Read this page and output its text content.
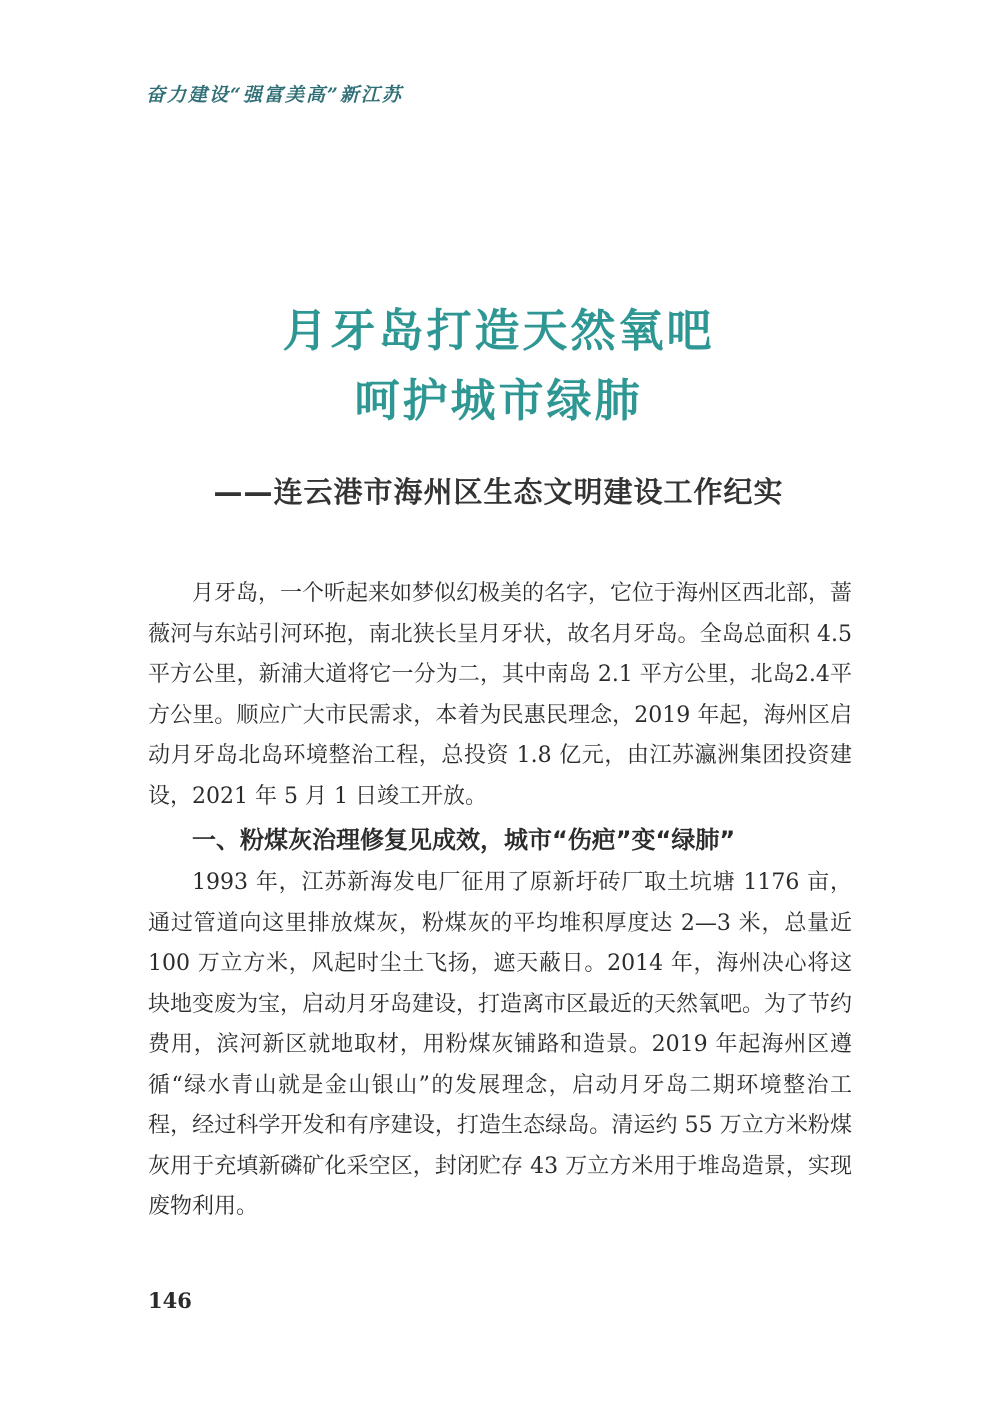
奋力建设“强富美高”新江苏
月牙岛打造天然氧吧
呵护城市绿肺
——连云港市海州区生态文明建设工作纪实

月牙岛，一个听起来如梦似幻极美的名字，它位于海州区西北部，蔷薇河与东站引河环抱，南北狭长呈月牙状，故名月牙岛。全岛总面积 4.5 平方公里，新浦大道将它一分为二，其中南岛 2.1 平方公里，北岛2.4平方公里。顺应广大市民需求，本着为民惠民理念，2019 年起，海州区启动月牙岛北岛环境整治工程，总投资 1.8 亿元，由江苏瀛洲集团投资建设，2021 年 5 月 1 日竣工开放。

一、粉煤灰治理修复见成效，城市“伤疤”变“绿肺”

1993 年，江苏新海发电厂征用了原新圩砖厂取土坑塘 1176 亩，通过管道向这里排放煤灰，粉煤灰的平均堆积厚度达 2—3 米，总量近 100 万立方米，风起时尘土飞扬，遮天蔽日。2014 年，海州决心将这块地变废为宝，启动月牙岛建设，打造离市区最近的天然氧吧。为了节约费用，滨河新区就地取材，用粉煤灰铺路和造景。2019 年起海州区遵循“绿水青山就是金山银山”的发展理念，启动月牙岛二期环境整治工程，经过科学开发和有序建设，打造生态绿岛。清运约 55 万立方米粉煤灰用于充填新磷矿化采空区，封闭贮存 43 万立方米用于堆岛造景，实现废物利用。

146
